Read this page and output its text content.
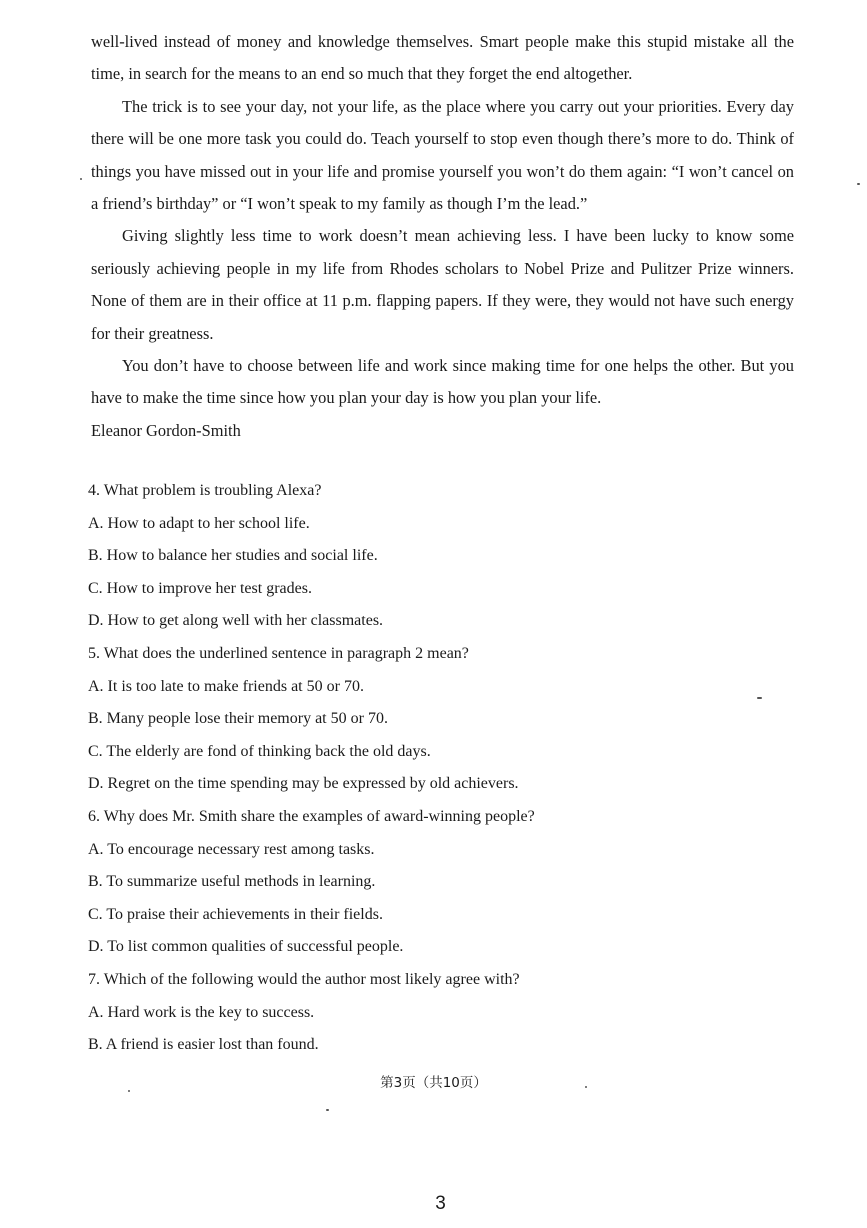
well-lived instead of money and knowledge themselves. Smart people make this stupid mistake all the time, in search for the means to an end so much that they forget the end altogether.

The trick is to see your day, not your life, as the place where you carry out your priorities. Every day there will be one more task you could do. Teach yourself to stop even though there’s more to do. Think of things you have missed out in your life and promise yourself you won’t do them again: “I won’t cancel on a friend’s birthday” or “I won’t speak to my family as though I’m the lead.”

Giving slightly less time to work doesn’t mean achieving less. I have been lucky to know some seriously achieving people in my life from Rhodes scholars to Nobel Prize and Pulitzer Prize winners. None of them are in their office at 11 p.m. flapping papers. If they were, they would not have such energy for their greatness.

You don’t have to choose between life and work since making time for one helps the other. But you have to make the time since how you plan your day is how you plan your life.

Eleanor Gordon-Smith

4. What problem is troubling Alexa?
A. How to adapt to her school life.
B. How to balance her studies and social life.
C. How to improve her test grades.
D. How to get along well with her classmates.
5. What does the underlined sentence in paragraph 2 mean?
A. It is too late to make friends at 50 or 70.
B. Many people lose their memory at 50 or 70.
C. The elderly are fond of thinking back the old days.
D. Regret on the time spending may be expressed by old achievers.
6. Why does Mr. Smith share the examples of award-winning people?
A. To encourage necessary rest among tasks.
B. To summarize useful methods in learning.
C. To praise their achievements in their fields.
D. To list common qualities of successful people.
7. Which of the following would the author most likely agree with?
A. Hard work is the key to success.
B. A friend is easier lost than found.
第3页（共10页）
3
